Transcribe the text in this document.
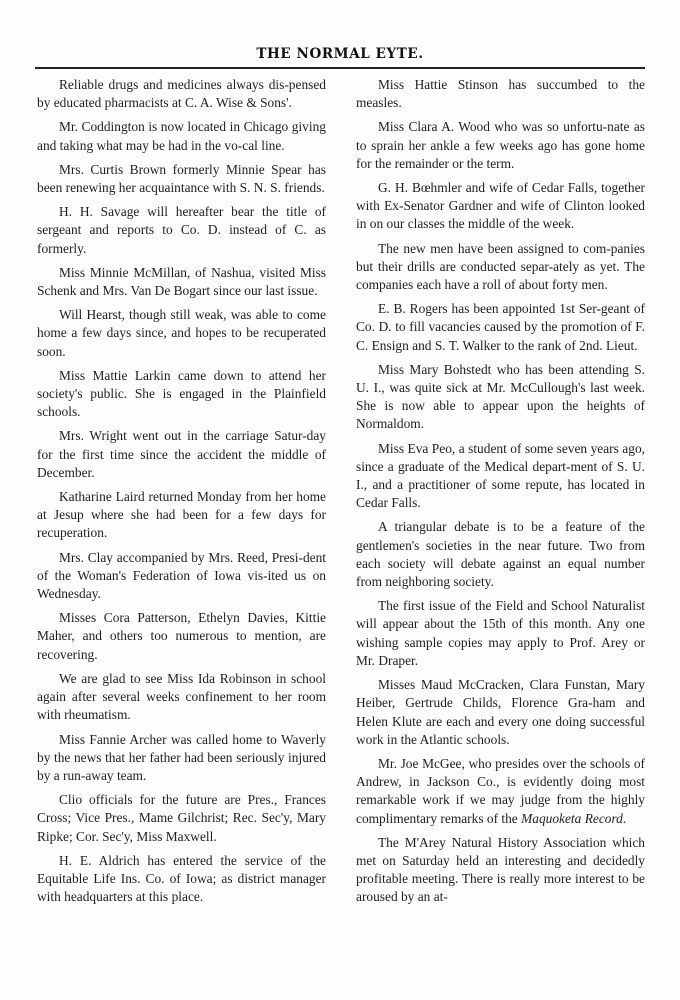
THE NORMAL EYTE.

Reliable drugs and medicines always dis-pensed by educated pharmacists at C. A. Wise & Sons'.

Mr. Coddington is now located in Chicago giving and taking what may be had in the vo-cal line.

Mrs. Curtis Brown formerly Minnie Spear has been renewing her acquaintance with S. N. S. friends.

H. H. Savage will hereafter bear the title of sergeant and reports to Co. D. instead of C. as formerly.

Miss Minnie McMillan, of Nashua, visited Miss Schenk and Mrs. Van De Bogart since our last issue.

Will Hearst, though still weak, was able to come home a few days since, and hopes to be recuperated soon.

Miss Mattie Larkin came down to attend her society's public. She is engaged in the Plainfield schools.

Mrs. Wright went out in the carriage Satur-day for the first time since the accident the middle of December.

Katharine Laird returned Monday from her home at Jesup where she had been for a few days for recuperation.

Mrs. Clay accompanied by Mrs. Reed, Presi-dent of the Woman's Federation of Iowa vis-ited us on Wednesday.

Misses Cora Patterson, Ethelyn Davies, Kittie Maher, and others too numerous to mention, are recovering.

We are glad to see Miss Ida Robinson in school again after several weeks confinement to her room with rheumatism.

Miss Fannie Archer was called home to Waverly by the news that her father had been seriously injured by a run-away team.

Clio officials for the future are Pres., Frances Cross; Vice Pres., Mame Gilchrist; Rec. Sec'y, Mary Ripke; Cor. Sec'y, Miss Maxwell.

H. E. Aldrich has entered the service of the Equitable Life Ins. Co. of Iowa; as district manager with headquarters at this place.

Miss Hattie Stinson has succumbed to the measles.

Miss Clara A. Wood who was so unfortu-nate as to sprain her ankle a few weeks ago has gone home for the remainder or the term.

G. H. Bœhmler and wife of Cedar Falls, together with Ex-Senator Gardner and wife of Clinton looked in on our classes the middle of the week.

The new men have been assigned to com-panies but their drills are conducted separ-ately as yet. The companies each have a roll of about forty men.

E. B. Rogers has been appointed 1st Ser-geant of Co. D. to fill vacancies caused by the promotion of F. C. Ensign and S. T. Walker to the rank of 2nd. Lieut.

Miss Mary Bohstedt who has been attending S. U. I., was quite sick at Mr. McCullough's last week. She is now able to appear upon the heights of Normaldom.

Miss Eva Peo, a student of some seven years ago, since a graduate of the Medical depart-ment of S. U. I., and a practitioner of some repute, has located in Cedar Falls.

A triangular debate is to be a feature of the gentlemen's societies in the near future. Two from each society will debate against an equal number from neighboring society.

The first issue of the Field and School Naturalist will appear about the 15th of this month. Any one wishing sample copies may apply to Prof. Arey or Mr. Draper.

Misses Maud McCracken, Clara Funstan, Mary Heiber, Gertrude Childs, Florence Gra-ham and Helen Klute are each and every one doing successful work in the Atlantic schools.

Mr. Joe McGee, who presides over the schools of Andrew, in Jackson Co., is evidently doing most remarkable work if we may judge from the highly complimentary remarks of the Maquoketa Record.

The M'Arey Natural History Association which met on Saturday held an interesting and decidedly profitable meeting. There is really more interest to be aroused by an at-
